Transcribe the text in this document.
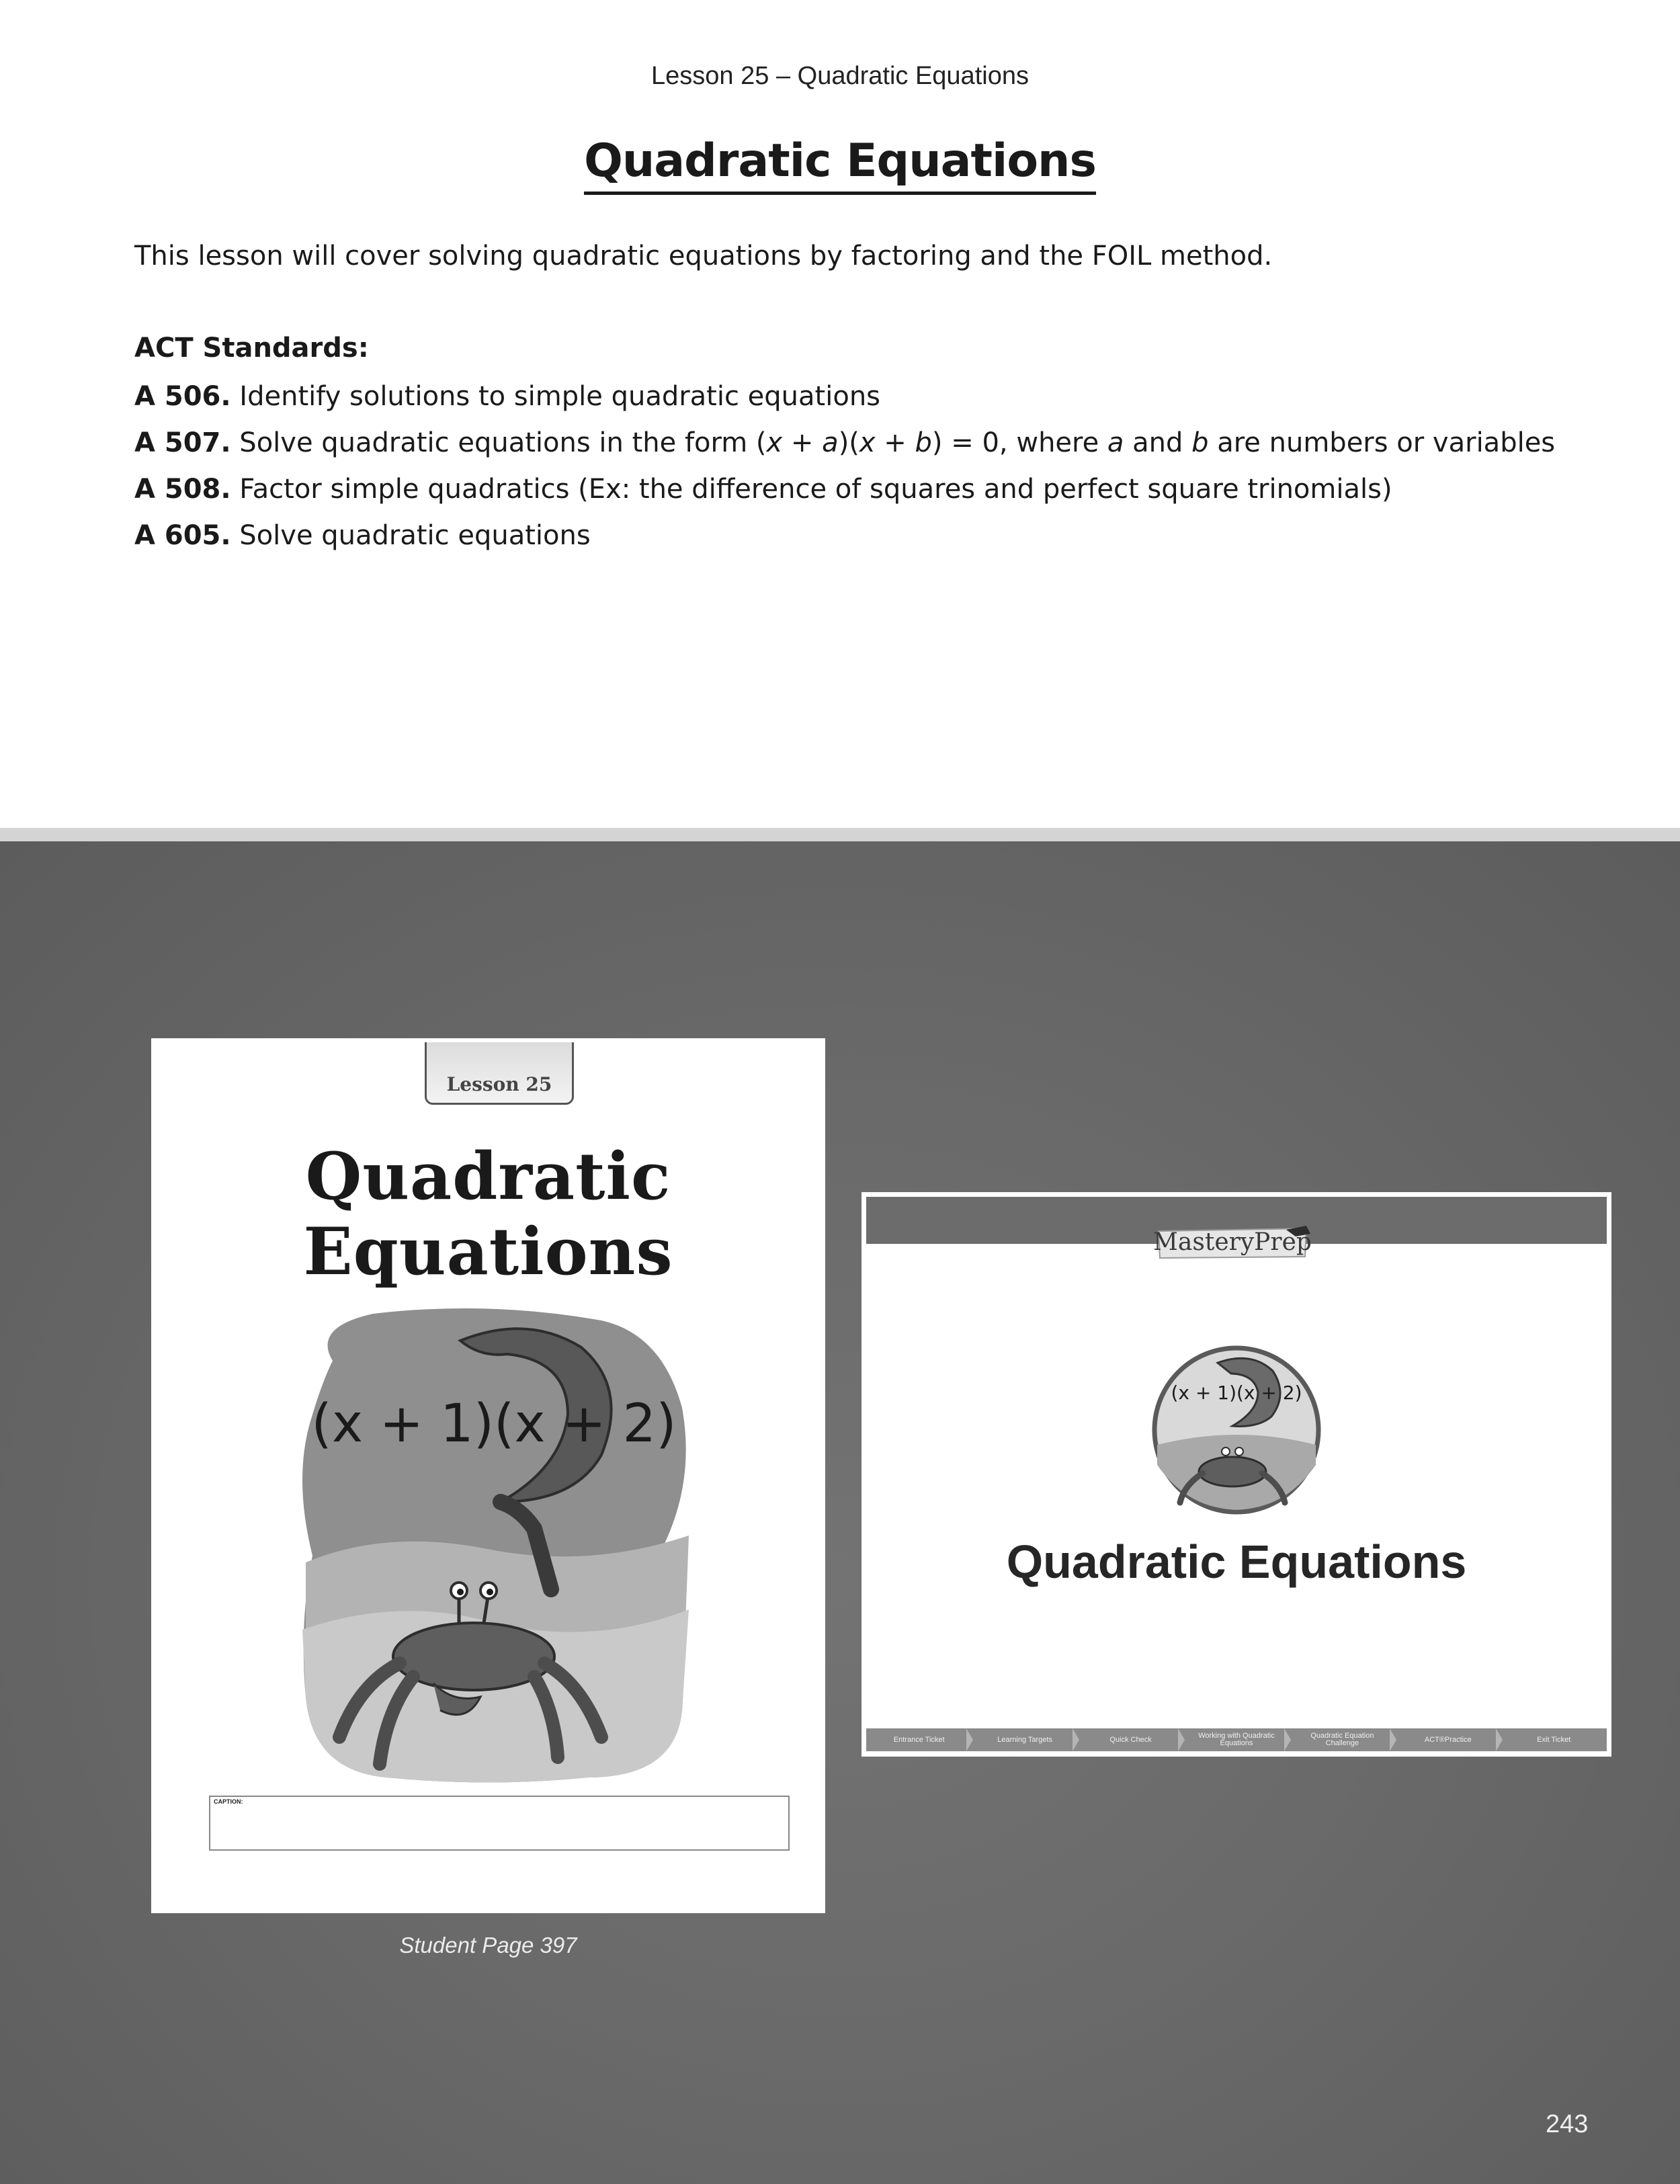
Lesson 25 – Quadratic Equations
Quadratic Equations
This lesson will cover solving quadratic equations by factoring and the FOIL method.
ACT Standards:
A 506. Identify solutions to simple quadratic equations
A 507. Solve quadratic equations in the form (x + a)(x + b) = 0, where a and b are numbers or variables
A 508. Factor simple quadratics (Ex: the difference of squares and perfect square trinomials)
A 605. Solve quadratic equations
Lesson 25
Quadratic
Equations
(x + 1)(x + 2)
CAPTION:
Student Page 397
MasteryPrep
(x + 1)(x + 2)
Quadratic Equations
Entrance Ticket	Learning Targets	Quick Check	Working with Quadratic Equations
Quadratic Equation Challenge	ACT®Practice	Exit Ticket
243
